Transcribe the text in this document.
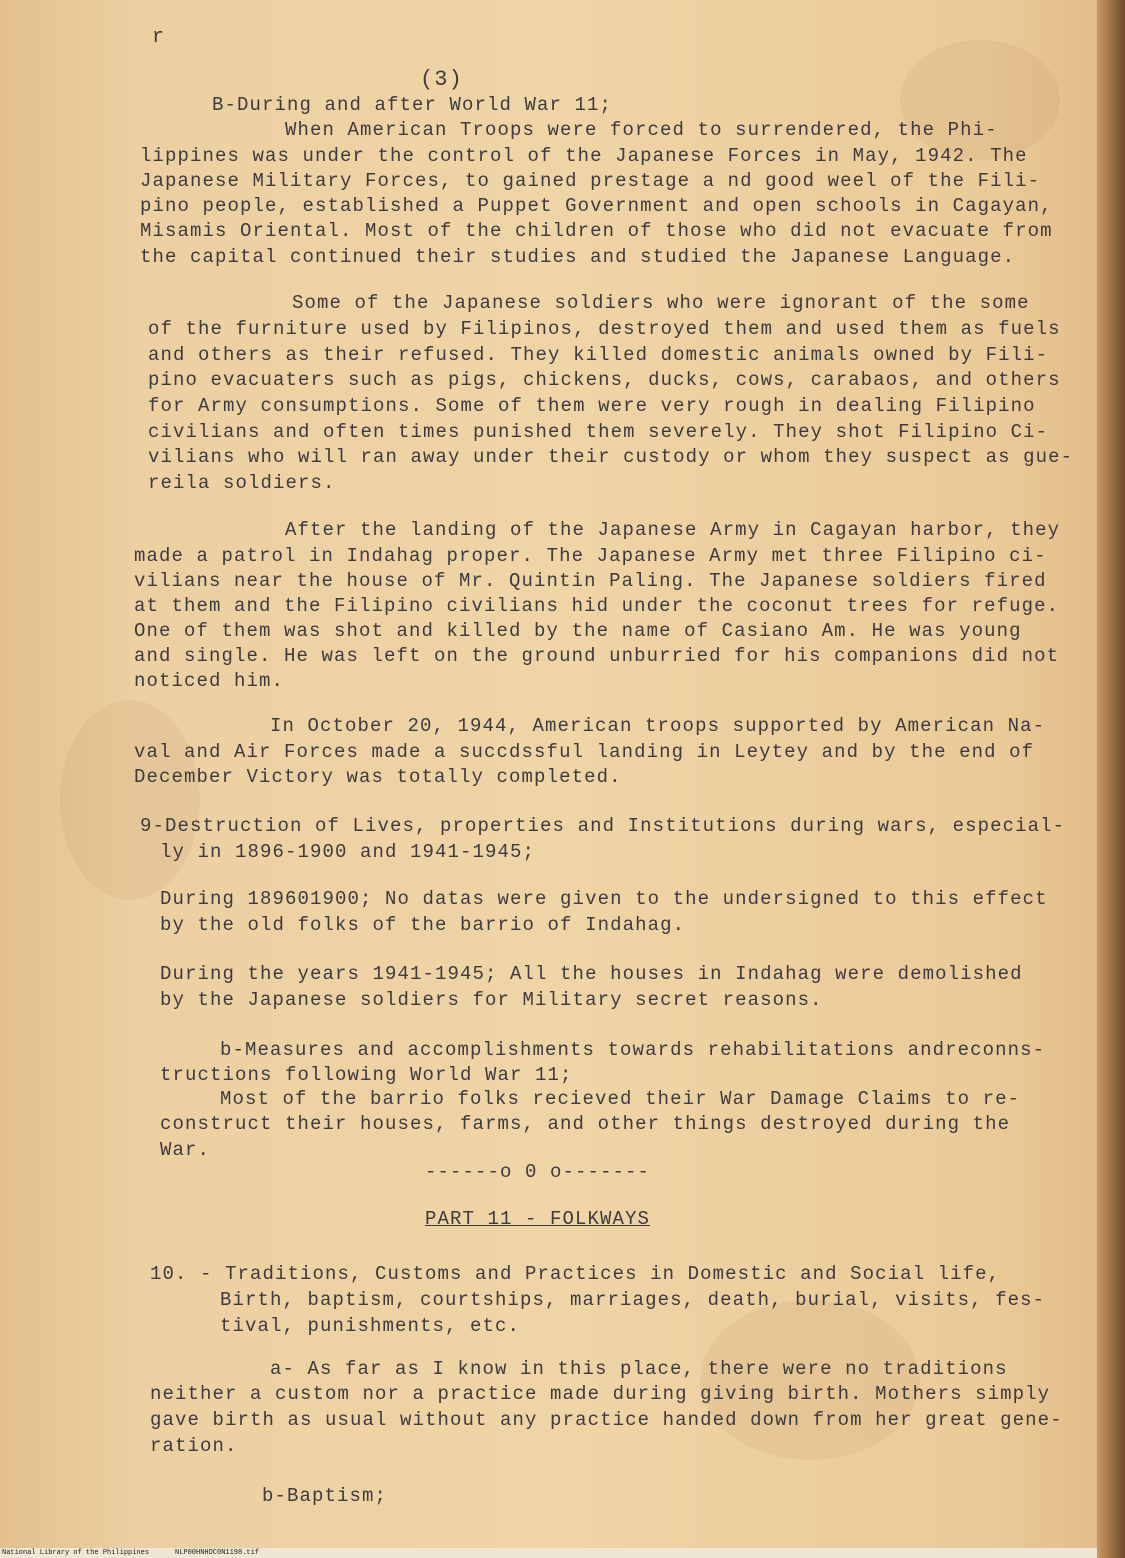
r
(3)
B-During and after World War 11;
When American Troops were forced to surrendered, the Phi-
lippines was under the control of the Japanese Forces in May, 1942. The
Japanese Military Forces, to gained prestage a nd good weel of the Fili-
pino people, established a Puppet Government and open schools in Cagayan,
Misamis Oriental. Most of the children of those who did not evacuate from
the capital continued their studies and studied the Japanese Language.
Some of the Japanese soldiers who were ignorant of the some
of the furniture used by Filipinos, destroyed them and used them as fuels
and others as their refused. They killed domestic animals owned by Fili-
pino evacuaters such as pigs, chickens, ducks, cows, carabaos, and others
for Army consumptions. Some of them were very rough in dealing Filipino
civilians and often times punished them severely. They shot Filipino Ci-
vilians who will ran away under their custody or whom they suspect as gue-
reila soldiers.
After the landing of the Japanese Army in Cagayan harbor, they
made a patrol in Indahag proper. The Japanese Army met three Filipino ci-
vilians near the house of Mr. Quintin Paling. The Japanese soldiers fired
at them and the Filipino civilians hid under the coconut trees for refuge.
One of them was shot and killed by the name of Casiano Am. He was young
and single. He was left on the ground unburried for his companions did not
noticed him.
In October 20, 1944, American troops supported by American Na-
val and Air Forces made a succdssful landing in Leytey and by the end of
December Victory was totally completed.
9-Destruction of Lives, properties and Institutions during wars, especial-
ly in 1896-1900 and 1941-1945;
During 189601900; No datas were given to the undersigned to this effect
by the old folks of the barrio of Indahag.
During the years 1941-1945; All the houses in Indahag were demolished
by the Japanese soldiers for Military secret reasons.
b-Measures and accomplishments towards rehabilitations andreconns-
tructions following World War 11;
Most of the barrio folks recieved their War Damage Claims to re-
construct their houses, farms, and other things destroyed during the
War.
------o 0 o-------
PART 11 - FOLKWAYS
10. - Traditions, Customs and Practices in Domestic and Social life,
Birth, baptism, courtships, marriages, death, burial, visits, fes-
tival, punishments, etc.
a- As far as I know in this place, there were no traditions
neither a custom nor a practice made during giving birth. Mothers simply
gave birth as usual without any practice handed down from her great gene-
ration.
b-Baptism;
National Library of the Philippines	NLP00HNHDC0N1198.tif
